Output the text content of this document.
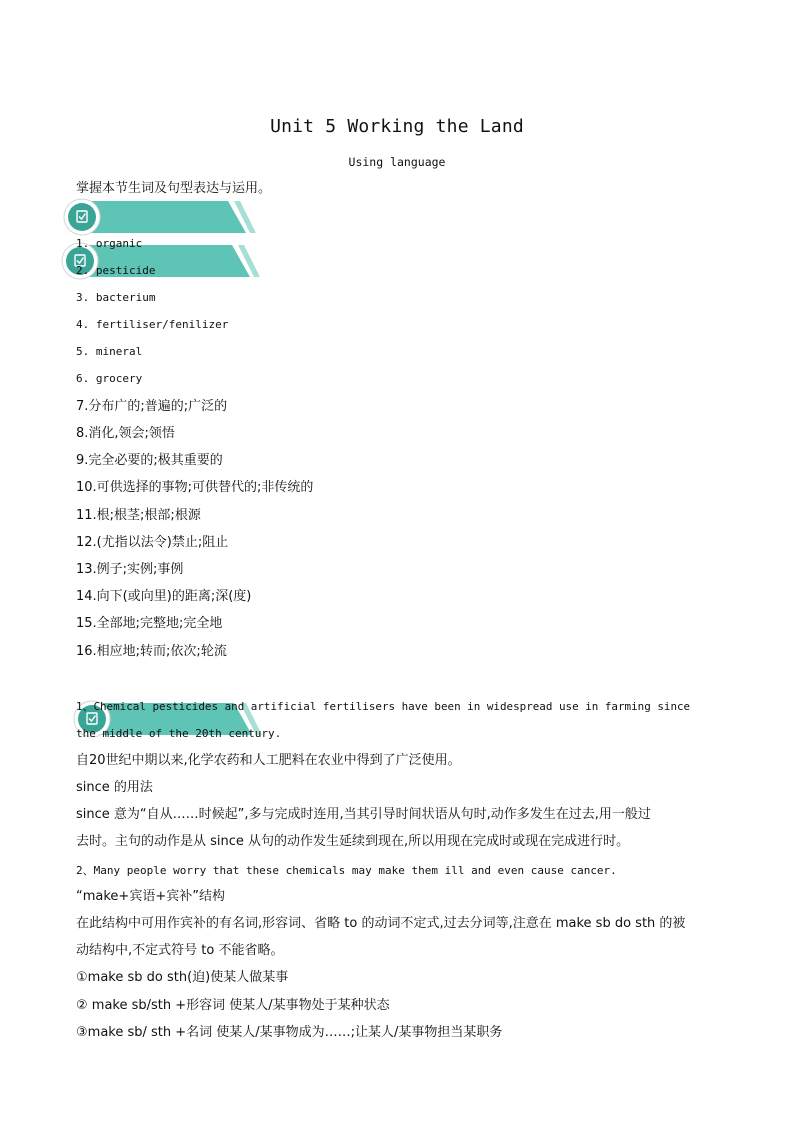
Unit 5 Working the Land
Using language
掌握本节生词及句型表达与运用。
1. organic
2. pesticide
3. bacterium
4. fertiliser/fenilizer
5. mineral
6. grocery
7.分布广的;普遍的;广泛的
8.消化,领会;领悟
9.完全必要的;极其重要的
10.可供选择的事物;可供替代的;非传统的
11.根;根茎;根部;根源
12.(尤指以法令)禁止;阻止
13.例子;实例;事例
14.向下(或向里)的距离;深(度)
15.全部地;完整地;完全地
16.相应地;转而;依次;轮流
1、Chemical pesticides and artificial fertilisers have been in widespread use in farming since
the middle of the 20th century.
自20世纪中期以来,化学农药和人工肥料在农业中得到了广泛使用。
since 的用法
since 意为“自从……时候起”,多与完成时连用,当其引导时间状语从句时,动作多发生在过去,用一般过
去时。主句的动作是从 since 从句的动作发生延续到现在,所以用现在完成时或现在完成进行时。
2、Many people worry that these chemicals may make them ill and even cause cancer.
“make+宾语+宾补”结构
在此结构中可用作宾补的有名词,形容词、省略 to 的动词不定式,过去分词等,注意在 make sb do sth 的被
动结构中,不定式符号 to 不能省略。
①make sb do sth(迫)使某人做某事
② make sb/sth +形容词 使某人/某事物处于某种状态
③make sb/ sth +名词 使某人/某事物成为……;让某人/某事物担当某职务
